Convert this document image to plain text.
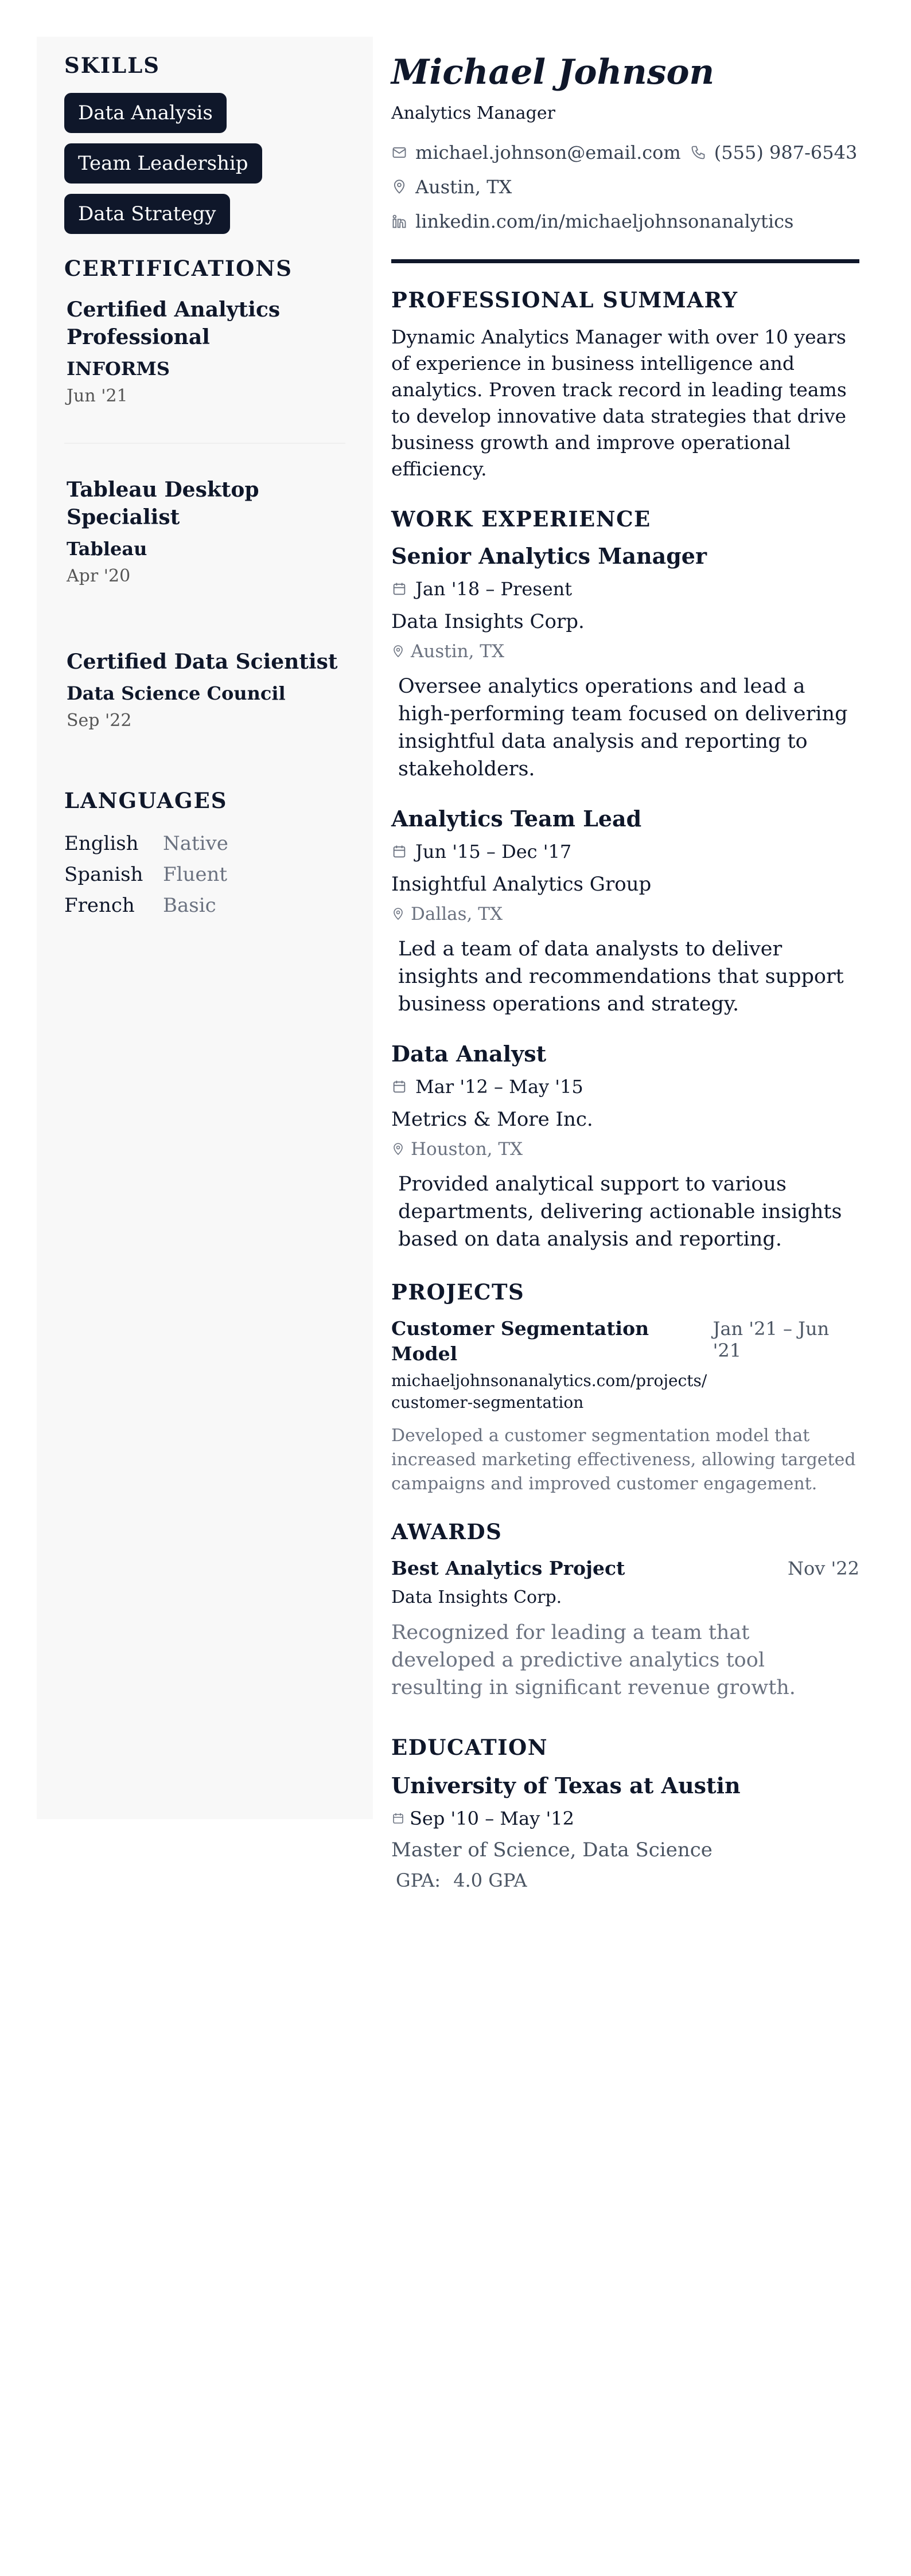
SKILLS
Data Analysis
Team Leadership
Data Strategy
CERTIFICATIONS
Certified Analytics Professional
INFORMS
Jun '21
Tableau Desktop Specialist
Tableau
Apr '20
Certified Data Scientist
Data Science Council
Sep '22
LANGUAGES
English	Native
Spanish	Fluent
French	Basic
Michael Johnson
Analytics Manager
michael.johnson@email.com (555) 987-6543
Austin, TX
linkedin.com/in/michaeljohnsonanalytics
PROFESSIONAL SUMMARY
Dynamic Analytics Manager with over 10 years of experience in business intelligence and analytics. Proven track record in leading teams to develop innovative data strategies that drive business growth and improve operational efficiency.
WORK EXPERIENCE
Senior Analytics Manager
Jan '18 – Present
Data Insights Corp.
Austin, TX
Oversee analytics operations and lead a high-performing team focused on delivering insightful data analysis and reporting to stakeholders.
Analytics Team Lead
Jun '15 – Dec '17
Insightful Analytics Group
Dallas, TX
Led a team of data analysts to deliver insights and recommendations that support business operations and strategy.
Data Analyst
Mar '12 – May '15
Metrics & More Inc.
Houston, TX
Provided analytical support to various departments, delivering actionable insights based on data analysis and reporting.
PROJECTS
Customer Segmentation Model
Jan '21 – Jun '21
michaeljohnsonanalytics.com/projects/customer-segmentation
Developed a customer segmentation model that increased marketing effectiveness, allowing targeted campaigns and improved customer engagement.
AWARDS
Best Analytics Project	Nov '22
Data Insights Corp.
Recognized for leading a team that developed a predictive analytics tool resulting in significant revenue growth.
EDUCATION
University of Texas at Austin
Sep '10 – May '12
Master of Science, Data Science
GPA: 4.0 GPA
